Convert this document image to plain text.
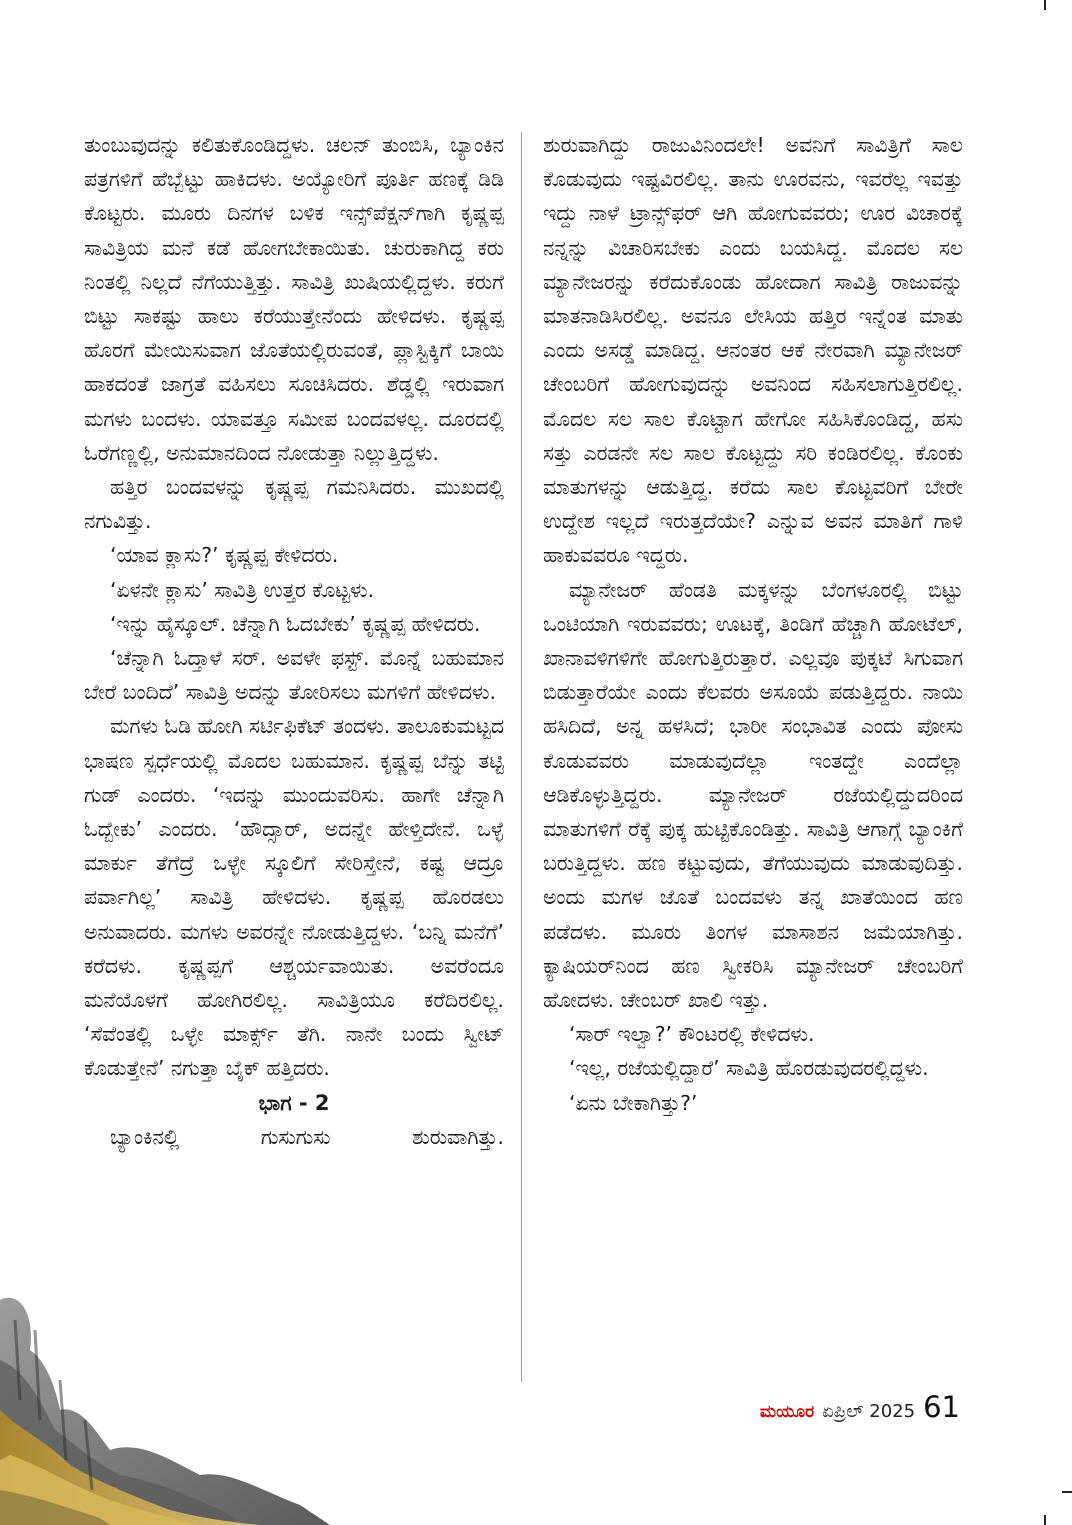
ತುಂಬುವುದನ್ನು ಕಲಿತುಕೊಂಡಿದ್ದಳು. ಚಲನ್ ತುಂಬಿಸಿ, ಬ್ಯಾಂಕಿನ ಪತ್ರಗಳಿಗೆ ಹೆಬ್ಬೆಟ್ಟು ಹಾಕಿದಳು. ಅಯ್ಯೋರಿಗೆ ಪೂರ್ತಿ ಹಣಕ್ಕೆ ಡಿಡಿ ಕೊಟ್ಟರು. ಮೂರು ದಿನಗಳ ಬಳಿಕ ಇನ್ಸ್‌ಪೆಕ್ಷನ್‌ಗಾಗಿ ಕೃಷ್ಣಪ್ಪ ಸಾವಿತ್ರಿಯ ಮನೆ ಕಡೆ ಹೋಗಬೇಕಾಯಿತು. ಚುರುಕಾಗಿದ್ದ ಕರು ನಿಂತಲ್ಲಿ ನಿಲ್ಲದೆ ನೆಗೆಯುತ್ತಿತ್ತು. ಸಾವಿತ್ರಿ ಖುಷಿಯಲ್ಲಿದ್ದಳು. ಕರುಗೆ ಬಿಟ್ಟು ಸಾಕಷ್ಟು ಹಾಲು ಕರೆಯುತ್ತೇನೆಂದು ಹೇಳಿದಳು. ಕೃಷ್ಣಪ್ಪ ಹೊರಗೆ ಮೇಯಿಸುವಾಗ ಜೊತೆಯಲ್ಲಿರುವಂತೆ, ಪ್ಲಾಸ್ಟಿಕ್ಕಿಗೆ ಬಾಯಿ ಹಾಕದಂತೆ ಜಾಗ್ರತೆ ವಹಿಸಲು ಸೂಚಿಸಿದರು. ಶೆಡ್ಡಲ್ಲಿ ಇರುವಾಗ ಮಗಳು ಬಂದಳು. ಯಾವತ್ತೂ ಸಮೀಪ ಬಂದವಳಲ್ಲ. ದೂರದಲ್ಲಿ ಓರೆಗಣ್ಣಲ್ಲಿ, ಅನುಮಾನದಿಂದ ನೋಡುತ್ತಾ ನಿಲ್ಲುತ್ತಿದ್ದಳು.

ಹತ್ತಿರ ಬಂದವಳನ್ನು ಕೃಷ್ಣಪ್ಪ ಗಮನಿಸಿದರು. ಮುಖದಲ್ಲಿ ನಗುವಿತ್ತು.

‘ಯಾವ ಕ್ಲಾಸು?’ ಕೃಷ್ಣಪ್ಪ ಕೇಳಿದರು.

‘ಏಳನೇ ಕ್ಲಾಸು’ ಸಾವಿತ್ರಿ ಉತ್ತರ ಕೊಟ್ಟಳು.

‘ಇನ್ನು ಹೈಸ್ಕೂಲ್. ಚೆನ್ನಾಗಿ ಓದಬೇಕು’ ಕೃಷ್ಣಪ್ಪ ಹೇಳಿದರು.

‘ಚೆನ್ನಾಗಿ ಓದ್ತಾಳೆ ಸರ್. ಅವಳೇ ಫಸ್ಟ್. ಮೊನ್ನೆ ಬಹುಮಾನ ಬೇರೆ ಬಂದಿದೆ’ ಸಾವಿತ್ರಿ ಅದನ್ನು ತೋರಿಸಲು ಮಗಳಿಗೆ ಹೇಳಿದಳು.

ಮಗಳು ಓಡಿ ಹೋಗಿ ಸರ್ಟಿಫಿಕೆಟ್ ತಂದಳು. ತಾಲೂಕುಮಟ್ಟದ ಭಾಷಣ ಸ್ಪರ್ಧೆಯಲ್ಲಿ ಮೊದಲ ಬಹುಮಾನ. ಕೃಷ್ಣಪ್ಪ ಬೆನ್ನು ತಟ್ಟಿ ಗುಡ್ ಎಂದರು. ‘ಇದನ್ನು ಮುಂದುವರಿಸು. ಹಾಗೇ ಚೆನ್ನಾಗಿ ಓದ್ಬೇಕು’ ಎಂದರು. ‘ಹೌದ್ಸಾರ್, ಅದನ್ನೇ ಹೇಳ್ತಿದೇನೆ. ಒಳ್ಳೆ ಮಾರ್ಕು ತೆಗೆದ್ರೆ ಒಳ್ಳೇ ಸ್ಕೂಲಿಗೆ ಸೇರಿಸ್ತೇನೆ, ಕಷ್ಟ ಆದ್ರೂ ಪರ್ವಾಗಿಲ್ಲ’ ಸಾವಿತ್ರಿ ಹೇಳಿದಳು. ಕೃಷ್ಣಪ್ಪ ಹೊರಡಲು ಅನುವಾದರು. ಮಗಳು ಅವರನ್ನೇ ನೋಡುತ್ತಿದ್ದಳು. ‘ಬನ್ನಿ ಮನೆಗೆ’ ಕರೆದಳು. ಕೃಷ್ಣಪ್ಪಗೆ ಆಶ್ಚರ್ಯವಾಯಿತು. ಅವರೆಂದೂ ಮನೆಯೊಳಗೆ ಹೋಗಿರಲಿಲ್ಲ. ಸಾವಿತ್ರಿಯೂ ಕರೆದಿರಲಿಲ್ಲ. ‘ಸೆವೆಂತಲ್ಲಿ ಒಳ್ಳೇ ಮಾರ್ಕ್ಸ್ ತೆಗಿ. ನಾನೇ ಬಂದು ಸ್ವೀಟ್ ಕೊಡುತ್ತೇನೆ’ ನಗುತ್ತಾ ಬೈಕ್ ಹತ್ತಿದರು.

ಭಾಗ - 2

ಬ್ಯಾಂಕಿನಲ್ಲಿ ಗುಸುಗುಸು ಶುರುವಾಗಿತ್ತು.

ಶುರುವಾಗಿದ್ದು ರಾಜುವಿನಿಂದಲೇ! ಅವನಿಗೆ ಸಾವಿತ್ರಿಗೆ ಸಾಲ ಕೊಡುವುದು ಇಷ್ಟವಿರಲಿಲ್ಲ. ತಾನು ಊರವನು, ಇವರೆಲ್ಲ ಇವತ್ತು ಇದ್ದು ನಾಳೆ ಟ್ರಾನ್ಸ್‌ಫರ್ ಆಗಿ ಹೋಗುವವರು; ಊರ ವಿಚಾರಕ್ಕೆ ನನ್ನನ್ನು ವಿಚಾರಿಸಬೇಕು ಎಂದು ಬಯಸಿದ್ದ. ಮೊದಲ ಸಲ ಮ್ಯಾನೇಜರನ್ನು ಕರೆದುಕೊಂಡು ಹೋದಾಗ ಸಾವಿತ್ರಿ ರಾಜುವನ್ನು ಮಾತನಾಡಿಸಿರಲಿಲ್ಲ. ಅವನೂ ಲೇಸಿಯ ಹತ್ತಿರ ಇನ್ನೆಂತ ಮಾತು ಎಂದು ಅಸಡ್ಡೆ ಮಾಡಿದ್ದ. ಆನಂತರ ಆಕೆ ನೇರವಾಗಿ ಮ್ಯಾನೇಜರ್ ಚೇಂಬರಿಗೆ ಹೋಗುವುದನ್ನು ಅವನಿಂದ ಸಹಿಸಲಾಗುತ್ತಿರಲಿಲ್ಲ. ಮೊದಲ ಸಲ ಸಾಲ ಕೊಟ್ಟಾಗ ಹೇಗೋ ಸಹಿಸಿಕೊಂಡಿದ್ದ, ಹಸು ಸತ್ತು ಎರಡನೇ ಸಲ ಸಾಲ ಕೊಟ್ಟದ್ದು ಸರಿ ಕಂಡಿರಲಿಲ್ಲ. ಕೊಂಕು ಮಾತುಗಳನ್ನು ಆಡುತ್ತಿದ್ದ. ಕರೆದು ಸಾಲ ಕೊಟ್ಟವರಿಗೆ ಬೇರೇ ಉದ್ದೇಶ ಇಲ್ಲದೆ ಇರುತ್ತದೆಯೇ? ಎನ್ನುವ ಅವನ ಮಾತಿಗೆ ಗಾಳಿ ಹಾಕುವವರೂ ಇದ್ದರು.

ಮ್ಯಾನೇಜರ್ ಹೆಂಡತಿ ಮಕ್ಕಳನ್ನು ಬೆಂಗಳೂರಲ್ಲಿ ಬಿಟ್ಟು ಒಂಟಿಯಾಗಿ ಇರುವವರು; ಊಟಕ್ಕೆ, ತಿಂಡಿಗೆ ಹೆಚ್ಚಾಗಿ ಹೋಟೆಲ್, ಖಾನಾವಳಿಗಳಿಗೇ ಹೋಗುತ್ತಿರುತ್ತಾರೆ. ಎಲ್ಲವೂ ಪುಕ್ಕಟೆ ಸಿಗುವಾಗ ಬಿಡುತ್ತಾರೆಯೇ ಎಂದು ಕೆಲವರು ಅಸೂಯೆ ಪಡುತ್ತಿದ್ದರು. ನಾಯಿ ಹಸಿದಿದೆ, ಅನ್ನ ಹಳಸಿದೆ; ಭಾರೀ ಸಂಭಾವಿತ ಎಂದು ಪೋಸು ಕೊಡುವವರು ಮಾಡುವುದೆಲ್ಲಾ ಇಂತದ್ದೇ ಎಂದೆಲ್ಲಾ ಆಡಿಕೊಳ್ಳುತ್ತಿದ್ದರು. ಮ್ಯಾನೇಜರ್ ರಜೆಯಲ್ಲಿದ್ದುದರಿಂದ ಮಾತುಗಳಿಗೆ ರೆಕ್ಕೆ ಪುಕ್ಕ ಹುಟ್ಟಿಕೊಂಡಿತ್ತು. ಸಾವಿತ್ರಿ ಆಗಾಗ್ಗೆ ಬ್ಯಾಂಕಿಗೆ ಬರುತ್ತಿದ್ದಳು. ಹಣ ಕಟ್ಟುವುದು, ತೆಗೆಯುವುದು ಮಾಡುವುದಿತ್ತು. ಅಂದು ಮಗಳ ಜೊತೆ ಬಂದವಳು ತನ್ನ ಖಾತೆಯಿಂದ ಹಣ ಪಡೆದಳು. ಮೂರು ತಿಂಗಳ ಮಾಸಾಶನ ಜಮೆಯಾಗಿತ್ತು. ಕ್ಯಾಷಿಯರ್‌ನಿಂದ ಹಣ ಸ್ವೀಕರಿಸಿ ಮ್ಯಾನೇಜರ್ ಚೇಂಬರಿಗೆ ಹೋದಳು. ಚೇಂಬರ್ ಖಾಲಿ ಇತ್ತು.

‘ಸಾರ್ ಇಲ್ವಾ?’ ಕೌಂಟರಲ್ಲಿ ಕೇಳಿದಳು.

‘ಇಲ್ಲ, ರಜೆಯಲ್ಲಿದ್ದಾರೆ’ ಸಾವಿತ್ರಿ ಹೊರಡುವುದರಲ್ಲಿದ್ದಳು.

‘ಏನು ಬೇಕಾಗಿತ್ತು?’

ಮಯೂರ ಏಪ್ರಿಲ್ 2025 61
